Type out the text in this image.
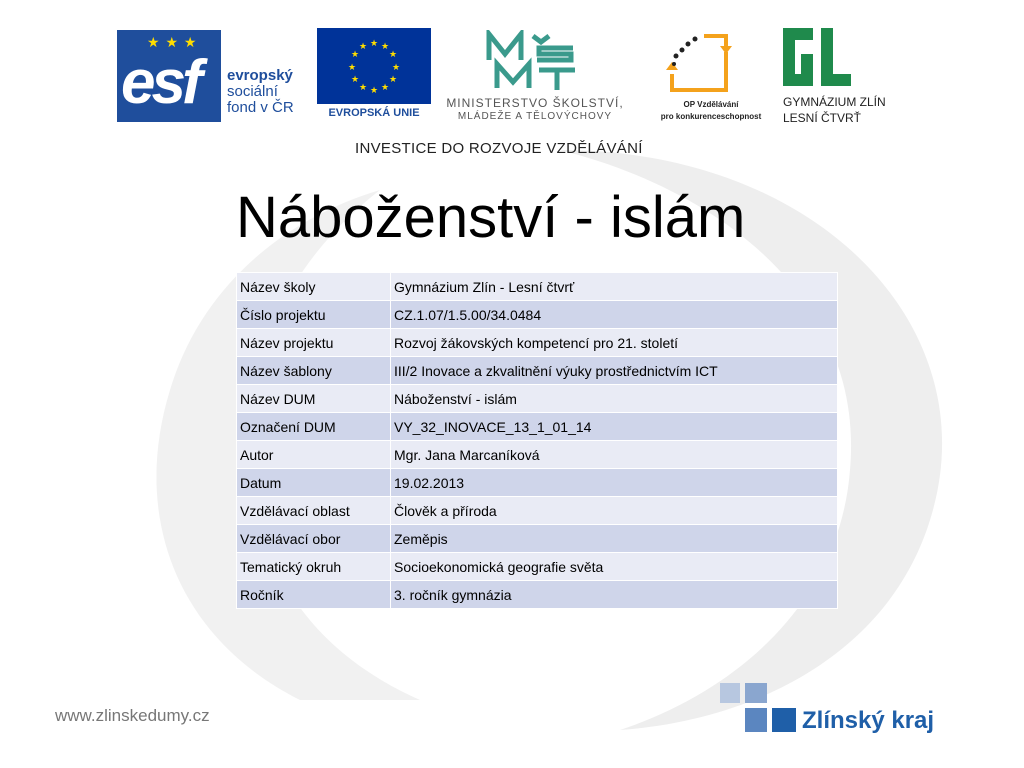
★ ★ ★
esf evropský
sociální
fond v ČR
★ ★
★
★
★
★
★
★
★
★
★
★
EVROPSKÁ UNIE
MINISTERSTVO ŠKOLSTVÍ,
MLÁDEŽE A TĚLOVÝCHOVY
OP Vzdělávání
pro konkurenceschopnost
GYMNÁZIUM ZLÍN
LESNÍ ČTVRŤ
INVESTICE DO ROZVOJE VZDĚLÁVÁNÍ
Náboženství - islám
Název školy	Gymnázium Zlín - Lesní čtvrť
Číslo projektu	CZ.1.07/1.5.00/34.0484
Název projektu	Rozvoj žákovských kompetencí pro 21. století
Název šablony	III/2 Inovace a zkvalitnění výuky prostřednictvím ICT
Název DUM	Náboženství - islám
Označení DUM	VY_32_INOVACE_13_1_01_14
Autor	Mgr. Jana Marcaníková
Datum	19.02.2013
Vzdělávací oblast	Člověk a příroda
Vzdělávací obor	Zeměpis
Tematický okruh	Socioekonomická geografie světa
Ročník	3. ročník gymnázia
www.zlinskedumy.cz	Zlínský kraj
